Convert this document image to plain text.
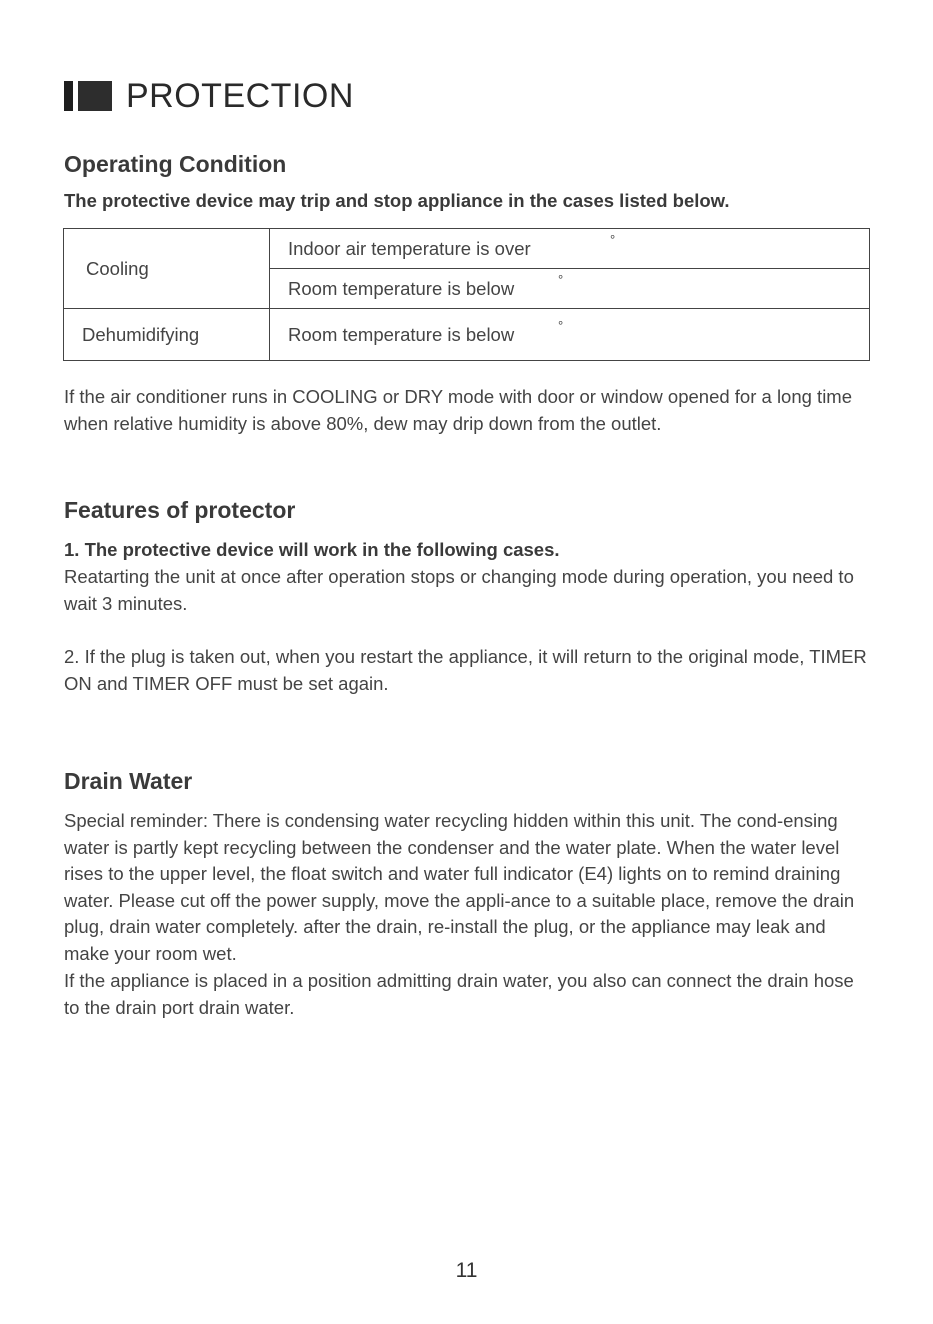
PROTECTION
Operating Condition
The protective device may trip and stop appliance in the cases listed below.
Cooling	Indoor air temperature is over °

	Room temperature is below °

Dehumidifying	Room temperature is below °
If the air conditioner runs in COOLING or DRY mode with door or window opened for a long time when relative humidity is above 80%, dew may drip down from the outlet.
Features of protector
1. The protective device will work in the following cases.
Reatarting the unit at once after operation stops or changing mode during operation, you need to wait 3 minutes.
2. If the plug is taken out, when you restart the appliance, it will return to the original mode, TIMER ON and TIMER OFF must be set again.
Drain Water
Special reminder: There is condensing water recycling hidden within this unit. The cond-ensing water is partly kept recycling between the condenser and the water plate. When the water level rises to the upper level, the float switch and water full indicator (E4) lights on to remind draining water. Please cut off the power supply, move the appli-ance to a suitable place, remove the drain plug, drain water completely. after the drain, re-install the plug, or the appliance may leak and make your room wet.
If the appliance is placed in a position admitting drain water, you also can connect the drain hose to the drain port drain water.
11
